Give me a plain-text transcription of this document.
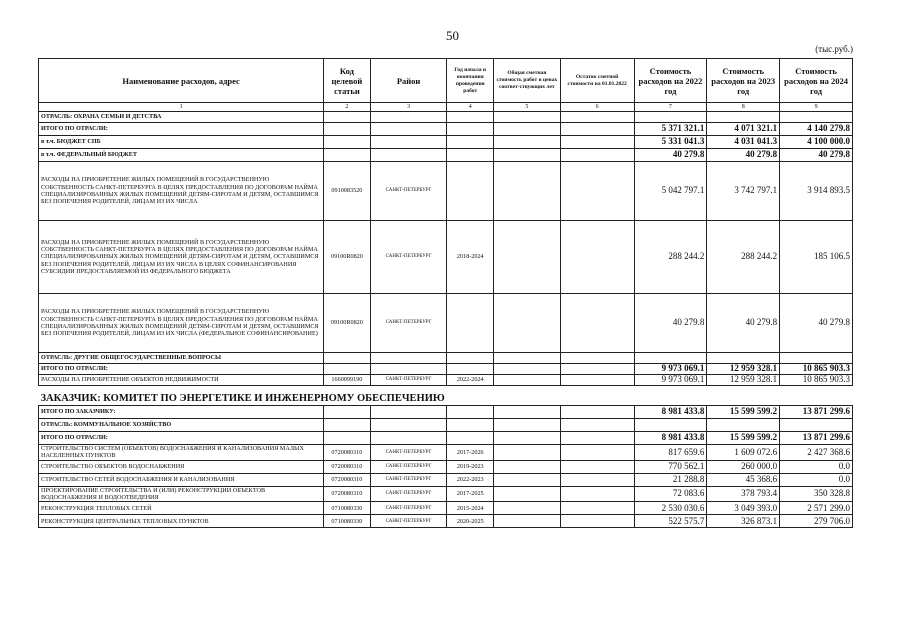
50
(тыс.руб.)
Наименование расходов, адрес	Код целевой статьи	Район	Год начала и окончания проведения работ	Общая сметная стоимость работ в ценах соответ-ствующих лет	Остаток сметной стоимости на 01.01.2022	Стоимость расходов на 2022 год	Стоимость расходов на 2023 год	Стоимость расходов на 2024 год
1	2	3	4	5	6	7	8	9
ОТРАСЛЬ: ОХРАНА СЕМЬИ И ДЕТСТВА								
ИТОГО ПО ОТРАСЛИ:						5 371 321.1	4 071 321.1	4 140 279.8
в т.ч. БЮДЖЕТ СПБ						5 331 041.3	4 031 041.3	4 100 000.0
в т.ч. ФЕДЕРАЛЬНЫЙ БЮДЖЕТ						40 279.8	40 279.8	40 279.8
РАСХОДЫ НА ПРИОБРЕТЕНИЕ ЖИЛЫХ ПОМЕЩЕНИЙ В ГОСУДАРСТВЕННУЮ СОБСТВЕННОСТЬ САНКТ-ПЕТЕРБУРГА В ЦЕЛЯХ ПРЕДОСТАВЛЕНИЯ ПО ДОГОВОРАМ НАЙМА СПЕЦИАЛИЗИРОВАННЫХ ЖИЛЫХ ПОМЕЩЕНИЙ ДЕТЯМ-СИРОТАМ И ДЕТЯМ, ОСТАВШИМСЯ БЕЗ ПОПЕЧЕНИЯ РОДИТЕЛЕЙ, ЛИЦАМ ИЗ ИХ ЧИСЛА	0910083520	САНКТ-ПЕТЕРБУРГ				5 042 797.1	3 742 797.1	3 914 893.5
РАСХОДЫ НА ПРИОБРЕТЕНИЕ ЖИЛЫХ ПОМЕЩЕНИЙ В ГОСУДАРСТВЕННУЮ СОБСТВЕННОСТЬ САНКТ-ПЕТЕРБУРГА В ЦЕЛЯХ ПРЕДОСТАВЛЕНИЯ ПО ДОГОВОРАМ НАЙМА СПЕЦИАЛИЗИРОВАННЫХ ЖИЛЫХ ПОМЕЩЕНИЙ ДЕТЯМ-СИРОТАМ И ДЕТЯМ, ОСТАВШИМСЯ БЕЗ ПОПЕЧЕНИЯ РОДИТЕЛЕЙ, ЛИЦАМ ИЗ ИХ ЧИСЛА В ЦЕЛЯХ СОФИНАНСИРОВАНИЯ СУБСИДИИ ПРЕДОСТАВЛЯЕМОЙ ИЗ ФЕДЕРАЛЬНОГО БЮДЖЕТА	09100R0820	САНКТ-ПЕТЕРБУРГ	2018-2024			288 244.2	288 244.2	185 106.5
РАСХОДЫ НА ПРИОБРЕТЕНИЕ ЖИЛЫХ ПОМЕЩЕНИЙ В ГОСУДАРСТВЕННУЮ СОБСТВЕННОСТЬ САНКТ-ПЕТЕРБУРГА В ЦЕЛЯХ ПРЕДОСТАВЛЕНИЯ ПО ДОГОВОРАМ НАЙМА СПЕЦИАЛИЗИРОВАННЫХ ЖИЛЫХ ПОМЕЩЕНИЙ ДЕТЯМ-СИРОТАМ И ДЕТЯМ, ОСТАВШИМСЯ БЕЗ ПОПЕЧЕНИЯ РОДИТЕЛЕЙ, ЛИЦАМ ИЗ ИХ ЧИСЛА (ФЕДЕРАЛЬНОЕ СОФИНАНСИРОВАНИЕ)	09100R0820	САНКТ-ПЕТЕРБУРГ				40 279.8	40 279.8	40 279.8
ОТРАСЛЬ: ДРУГИЕ ОБЩЕГОСУДАРСТВЕННЫЕ ВОПРОСЫ								
ИТОГО ПО ОТРАСЛИ:						9 973 069.1	12 959 328.1	10 865 903.3
РАСХОДЫ НА ПРИОБРЕТЕНИЕ ОБЪЕКТОВ НЕДВИЖИМОСТИ	1660099190	САНКТ-ПЕТЕРБУРГ	2022-2024			9 973 069.1	12 959 328.1	10 865 903.3
ЗАКАЗЧИК: КОМИТЕТ ПО ЭНЕРГЕТИКЕ И ИНЖЕНЕРНОМУ ОБЕСПЕЧЕНИЮ								
ИТОГО ПО ЗАКАЗЧИКУ:						8 981 433.8	15 599 599.2	13 871 299.6
ОТРАСЛЬ: КОММУНАЛЬНОЕ ХОЗЯЙСТВО								
ИТОГО ПО ОТРАСЛИ:						8 981 433.8	15 599 599.2	13 871 299.6
СТРОИТЕЛЬСТВО СИСТЕМ (ОБЪЕКТОВ) ВОДОСНАБЖЕНИЯ И КАНАЛИЗОВАНИЯ МАЛЫХ НАСЕЛЕННЫХ ПУНКТОВ	0720080310	САНКТ-ПЕТЕРБУРГ	2017-2026			817 659.6	1 609 072.6	2 427 368.6
СТРОИТЕЛЬСТВО ОБЪЕКТОВ ВОДОСНАБЖЕНИЯ	0720080310	САНКТ-ПЕТЕРБУРГ	2019-2023			770 562.1	260 000.0	0.0
СТРОИТЕЛЬСТВО СЕТЕЙ ВОДОСНАБЖЕНИЯ И КАНАЛИЗОВАНИЯ	0720080310	САНКТ-ПЕТЕРБУРГ	2022-2023			21 288.8	45 368.6	0.0
ПРОЕКТИРОВАНИЕ СТРОИТЕЛЬСТВА И (ИЛИ) РЕКОНСТРУКЦИИ ОБЪЕКТОВ ВОДОСНАБЖЕНИЯ И ВОДООТВЕДЕНИЯ	0720080310	САНКТ-ПЕТЕРБУРГ	2017-2025			72 083.6	378 793.4	350 328.8
РЕКОНСТРУКЦИЯ ТЕПЛОВЫХ СЕТЕЙ	0710080330	САНКТ-ПЕТЕРБУРГ	2015-2024			2 530 030.6	3 049 393.0	2 571 299.0
РЕКОНСТРУКЦИЯ ЦЕНТРАЛЬНЫХ ТЕПЛОВЫХ ПУНКТОВ	0710080330	САНКТ-ПЕТЕРБУРГ	2020-2025			522 575.7	326 873.1	279 706.0
